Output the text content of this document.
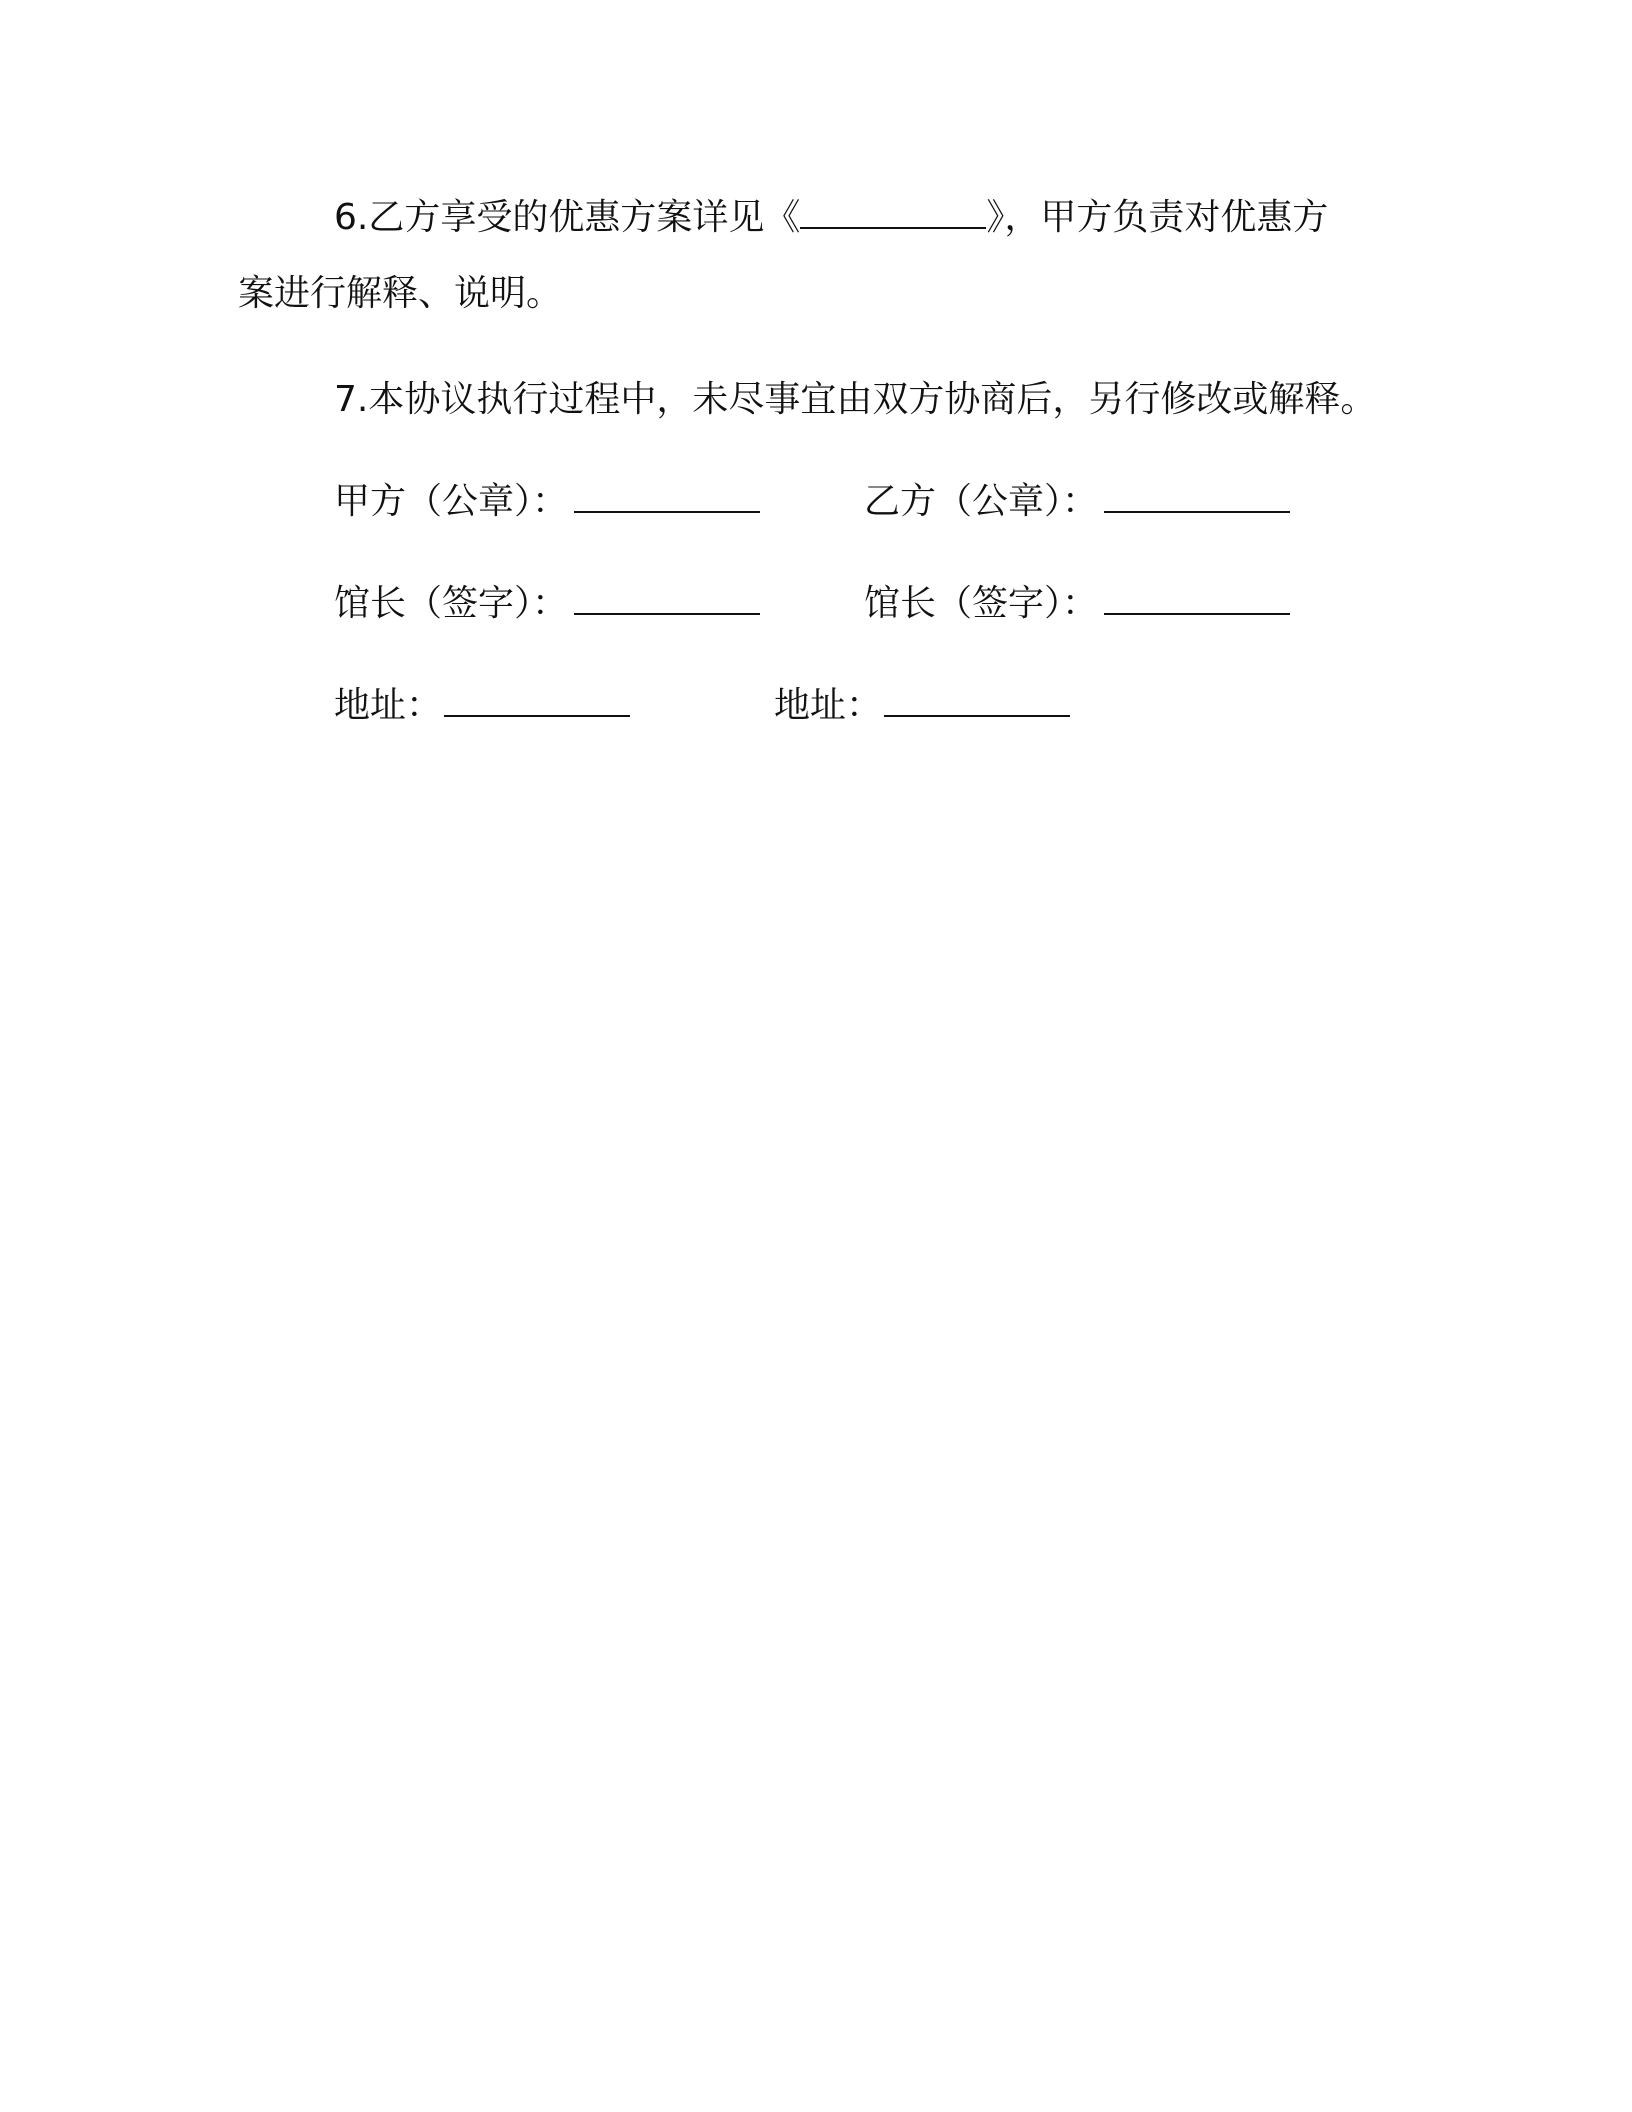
6.乙方享受的优惠方案详见《	》，甲方负责对优惠方
案进行解释、说明。
7.本协议执行过程中，未尽事宜由双方协商后，另行修改或解释。
甲方（公章）：	乙方（公章）：
馆长（签字）：	馆长（签字）：
地址：	地址：
